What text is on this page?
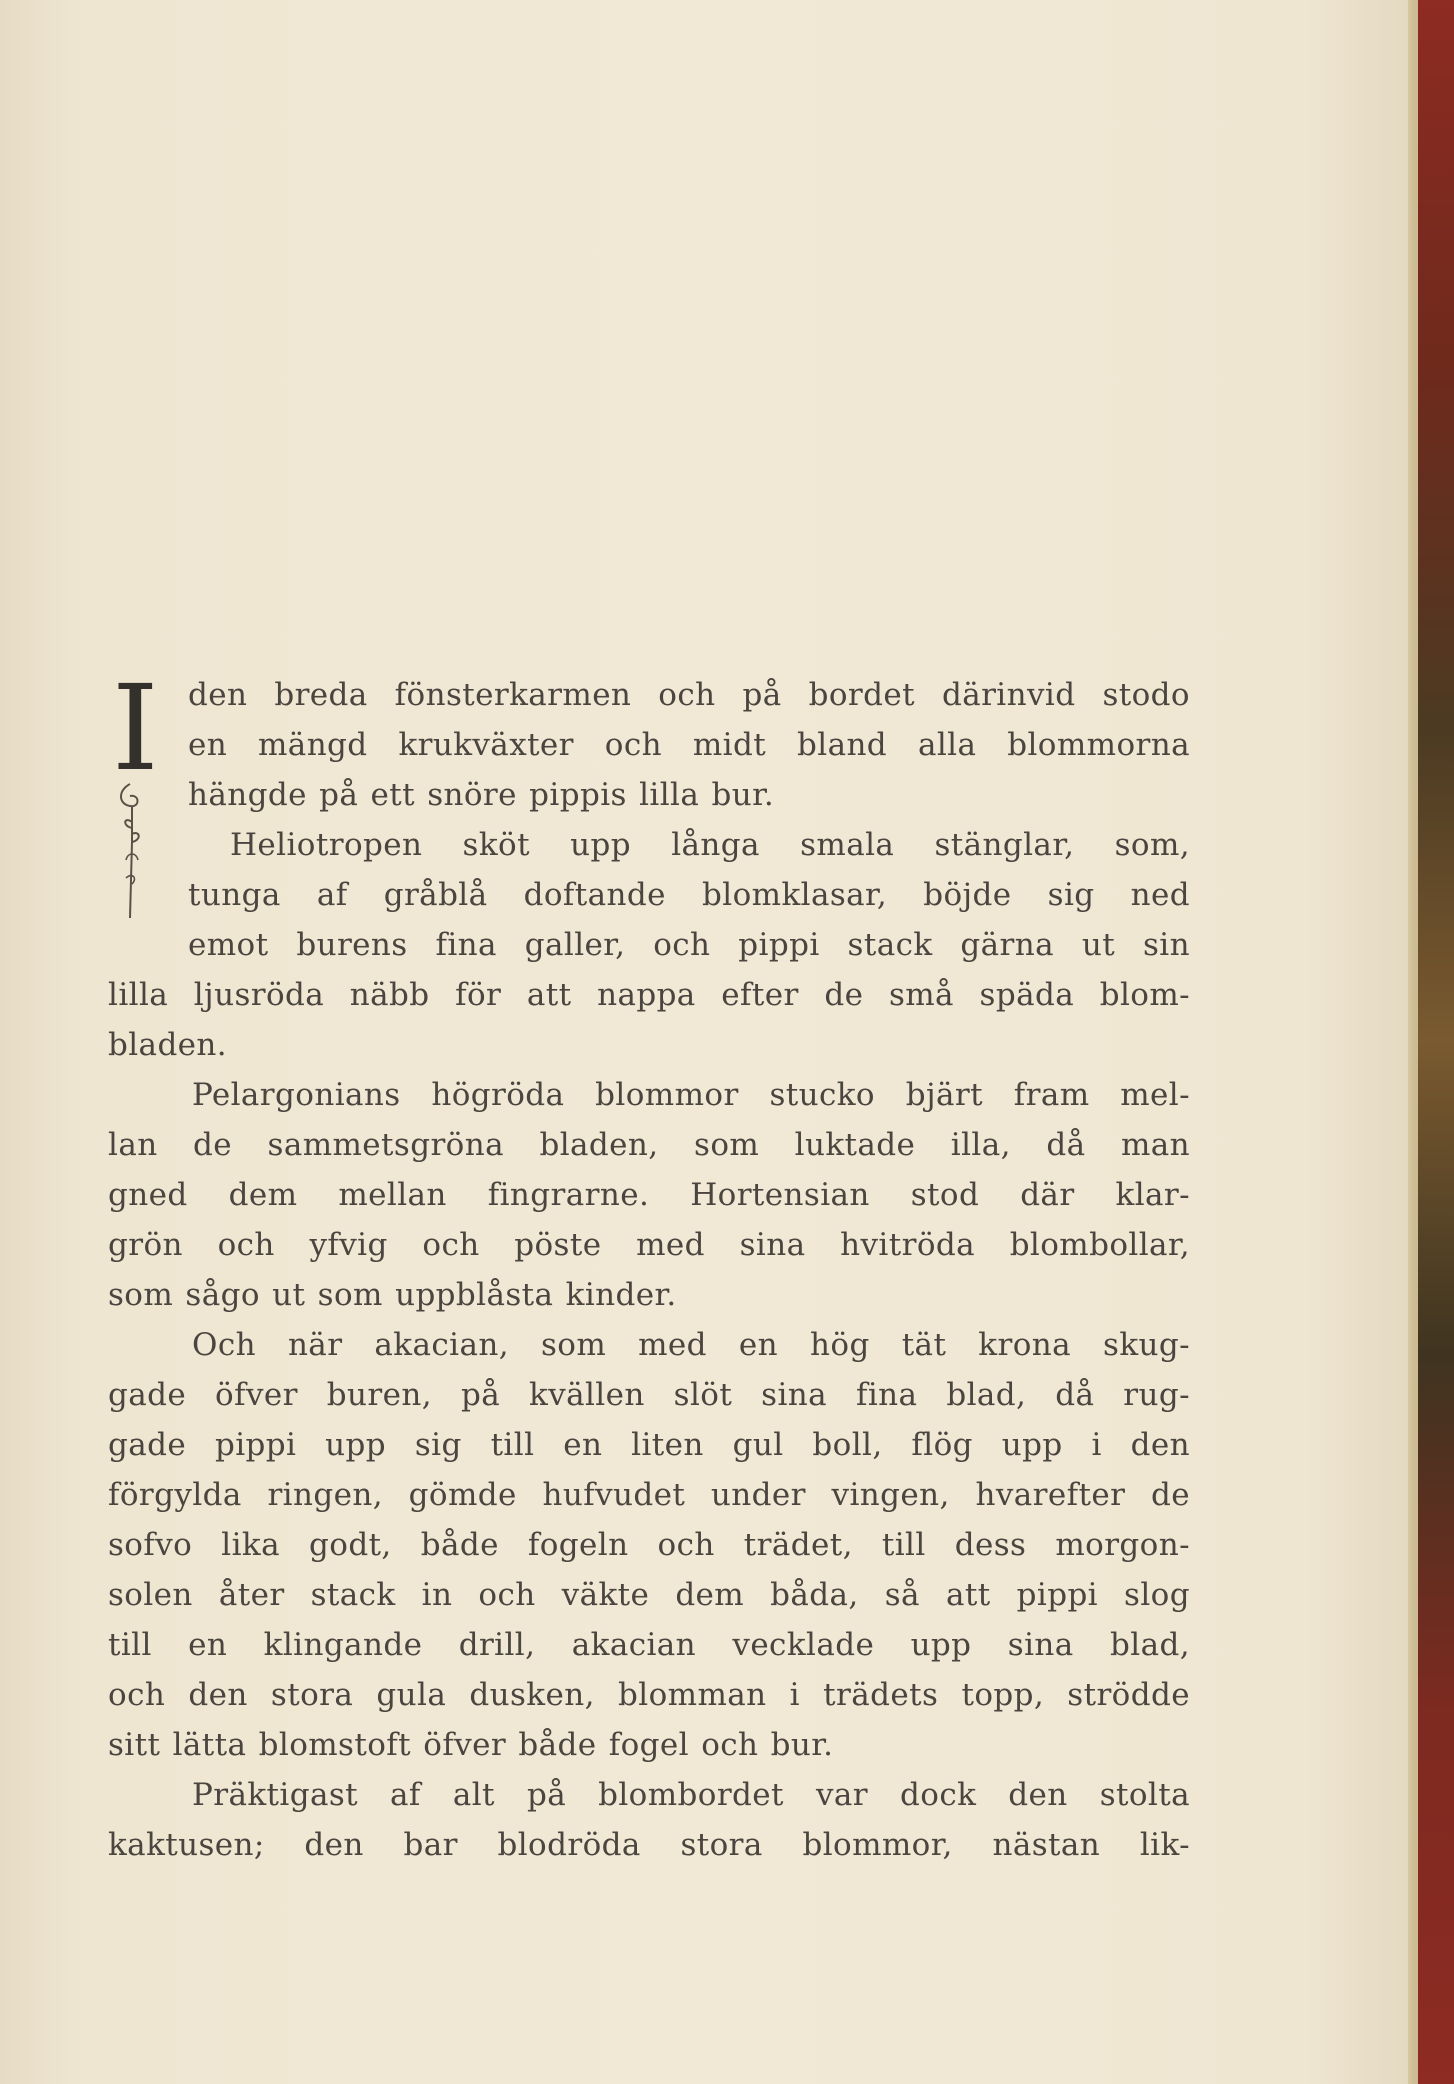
I den breda fönsterkarmen och på bordet därinvid stodo
en mängd krukväxter och midt bland alla blommorna
hängde på ett snöre pippis lilla bur.
Heliotropen sköt upp långa smala stänglar, som,
tunga af gråblå doftande blomklasar, böjde sig ned
emot burens fina galler, och pippi stack gärna ut sin
lilla ljusröda näbb för att nappa efter de små späda blom-
bladen.
Pelargonians högröda blommor stucko bjärt fram mel-
lan de sammetsgröna bladen, som luktade illa, då man
gned dem mellan fingrarne. Hortensian stod där klar-
grön och yfvig och pöste med sina hvitröda blombollar,
som sågo ut som uppblåsta kinder.
Och när akacian, som med en hög tät krona skug-
gade öfver buren, på kvällen slöt sina fina blad, då rug-
gade pippi upp sig till en liten gul boll, flög upp i den
förgylda ringen, gömde hufvudet under vingen, hvarefter de
sofvo lika godt, både fogeln och trädet, till dess morgon-
solen åter stack in och väkte dem båda, så att pippi slog
till en klingande drill, akacian vecklade upp sina blad,
och den stora gula dusken, blomman i trädets topp, strödde
sitt lätta blomstoft öfver både fogel och bur.
Präktigast af alt på blombordet var dock den stolta
kaktusen; den bar blodröda stora blommor, nästan lik-
